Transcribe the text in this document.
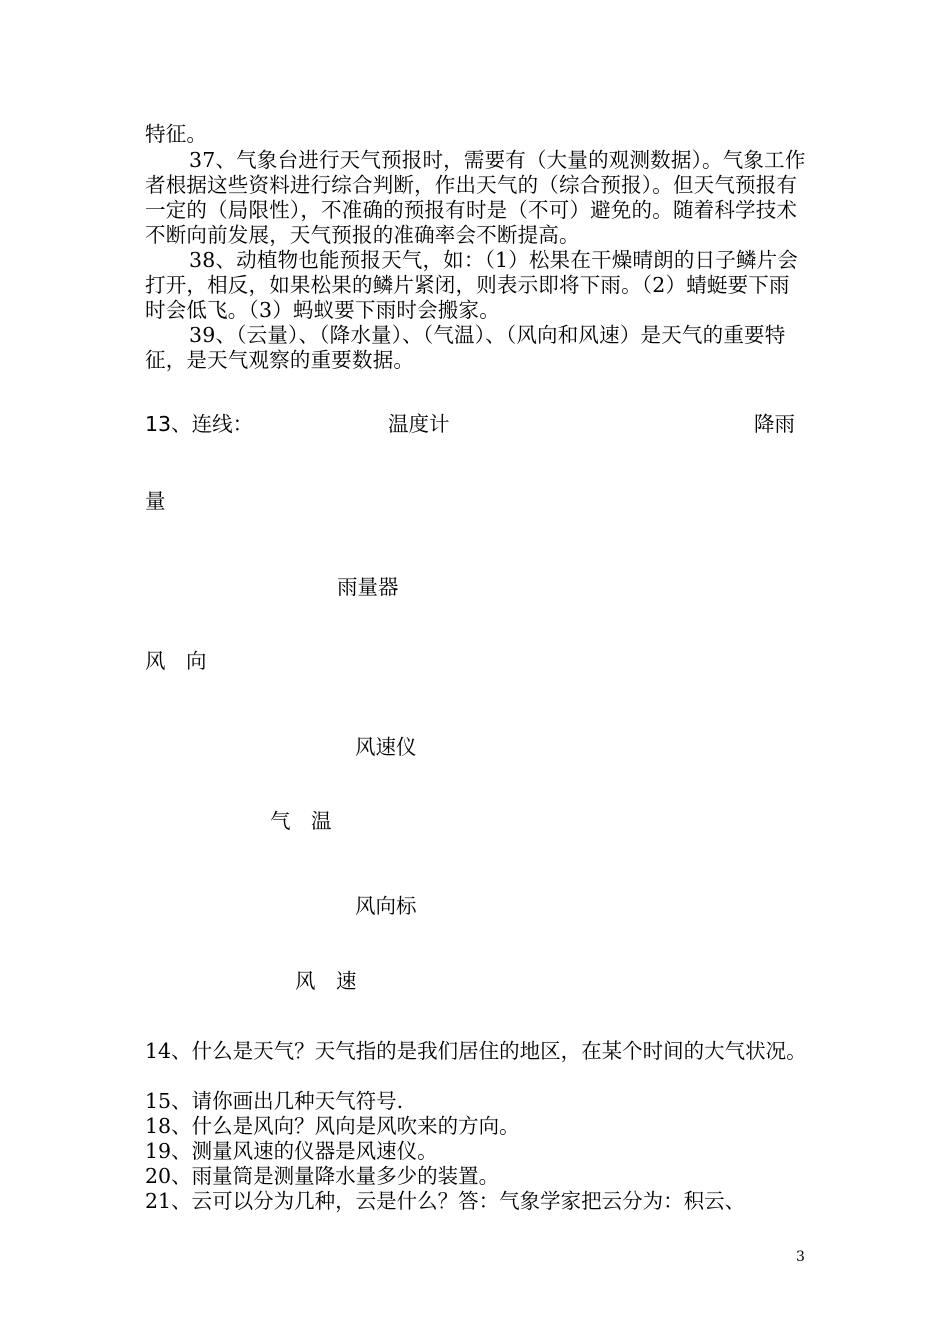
特征。

37、气象台进行天气预报时，需要有（大量的观测数据）。气象工作者根据这些资料进行综合判断，作出天气的（综合预报）。但天气预报有一定的（局限性），不准确的预报有时是（不可）避免的。随着科学技术不断向前发展，天气预报的准确率会不断提高。

38、动植物也能预报天气，如：（1）松果在干燥晴朗的日子鳞片会打开，相反，如果松果的鳞片紧闭，则表示即将下雨。（2）蜻蜓要下雨时会低飞。（3）蚂蚁要下雨时会搬家。

39、（云量）、（降水量）、（气温）、（风向和风速）是天气的重要特征，是天气观察的重要数据。

13、连线：	温度计	降雨
量
雨量器
风　向
风速仪
气　温
风向标
风　速

14、什么是天气？天气指的是我们居住的地区，在某个时间的大气状况。

15、请你画出几种天气符号.

18、什么是风向？风向是风吹来的方向。

19、测量风速的仪器是风速仪。

20、雨量筒是测量降水量多少的装置。

21、云可以分为几种，云是什么？答：气象学家把云分为：积云、

3
